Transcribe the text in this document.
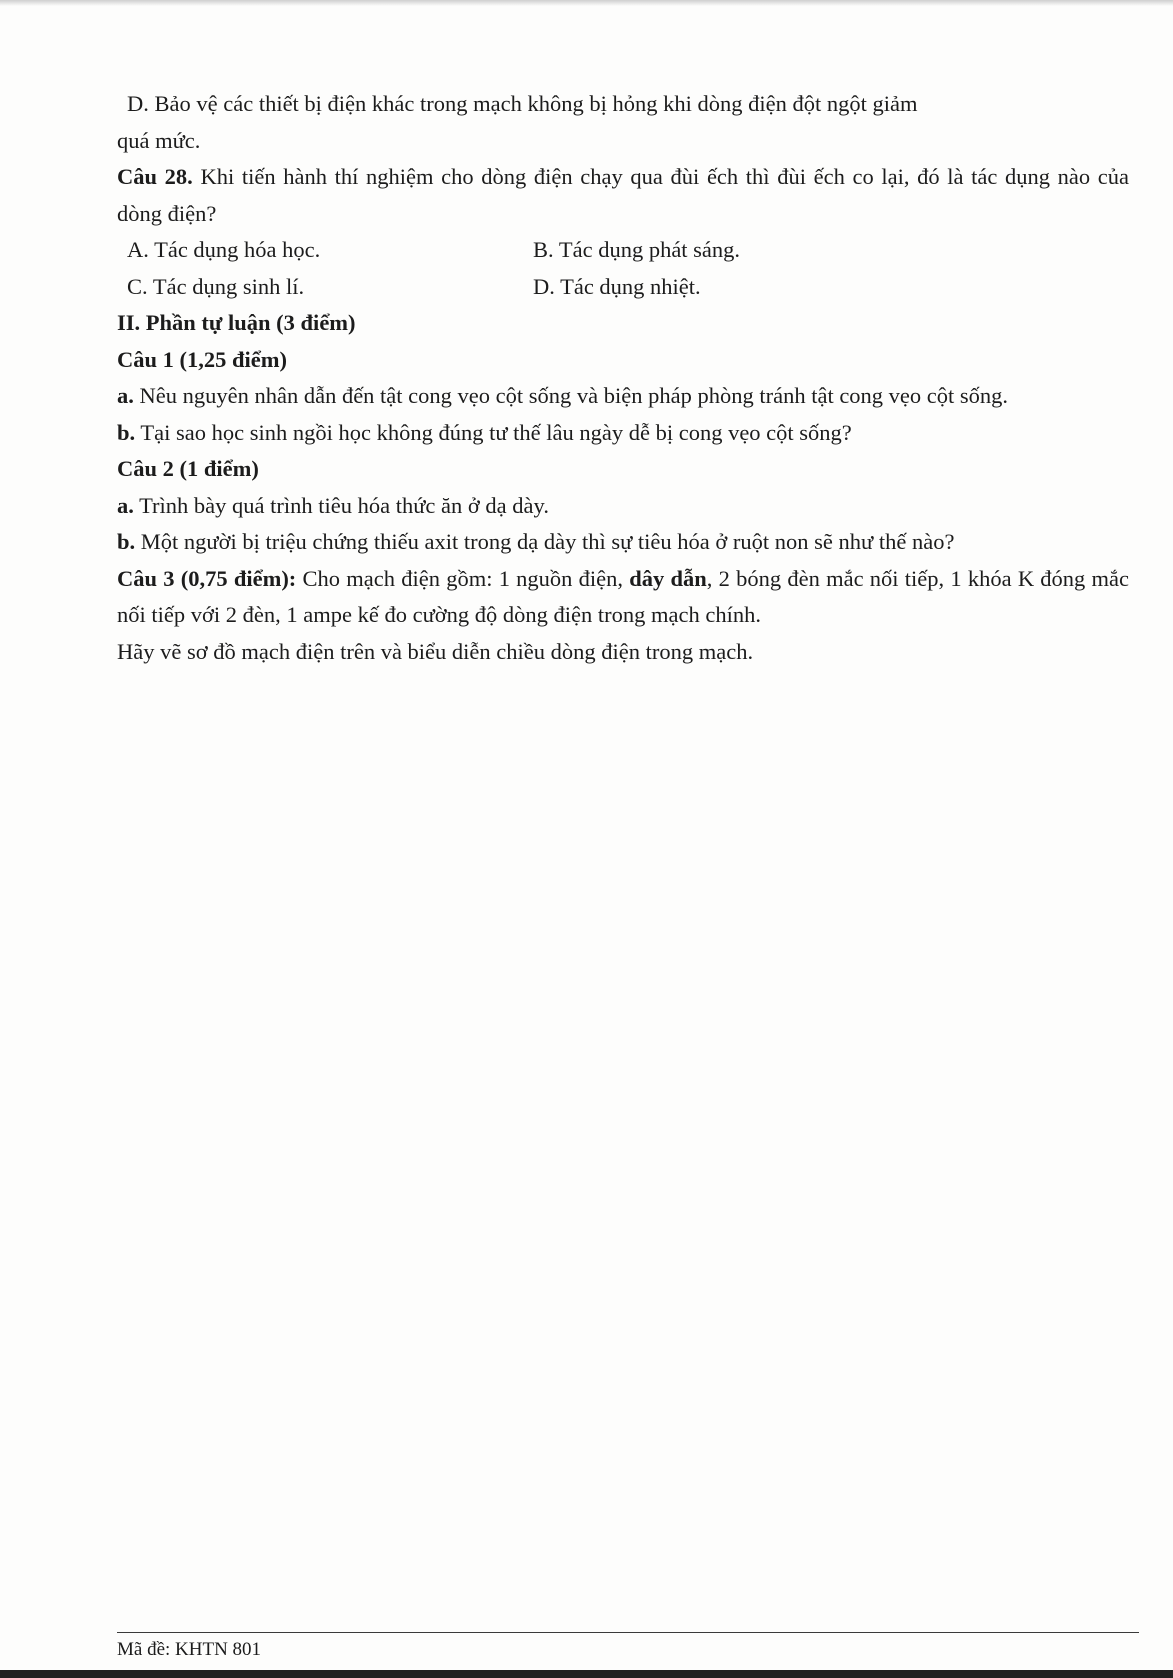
D. Bảo vệ các thiết bị điện khác trong mạch không bị hỏng khi dòng điện đột ngột giảm
quá mức.

Câu 28. Khi tiến hành thí nghiệm cho dòng điện chạy qua đùi ếch thì đùi ếch co lại, đó là tác dụng nào của dòng điện?

A. Tác dụng hóa học.	B. Tác dụng phát sáng.
C. Tác dụng sinh lí.	D. Tác dụng nhiệt.

II. Phần tự luận (3 điểm)

Câu 1 (1,25 điểm)

a. Nêu nguyên nhân dẫn đến tật cong vẹo cột sống và biện pháp phòng tránh tật cong vẹo cột sống.

b. Tại sao học sinh ngồi học không đúng tư thế lâu ngày dễ bị cong vẹo cột sống?

Câu 2 (1 điểm)

a. Trình bày quá trình tiêu hóa thức ăn ở dạ dày.

b. Một người bị triệu chứng thiếu axit trong dạ dày thì sự tiêu hóa ở ruột non sẽ như thế nào?

Câu 3 (0,75 điểm): Cho mạch điện gồm: 1 nguồn điện, dây dẫn, 2 bóng đèn mắc nối tiếp, 1 khóa K đóng mắc nối tiếp với 2 đèn, 1 ampe kế đo cường độ dòng điện trong mạch chính.

Hãy vẽ sơ đồ mạch điện trên và biểu diễn chiều dòng điện trong mạch.

Mã đề: KHTN 801
